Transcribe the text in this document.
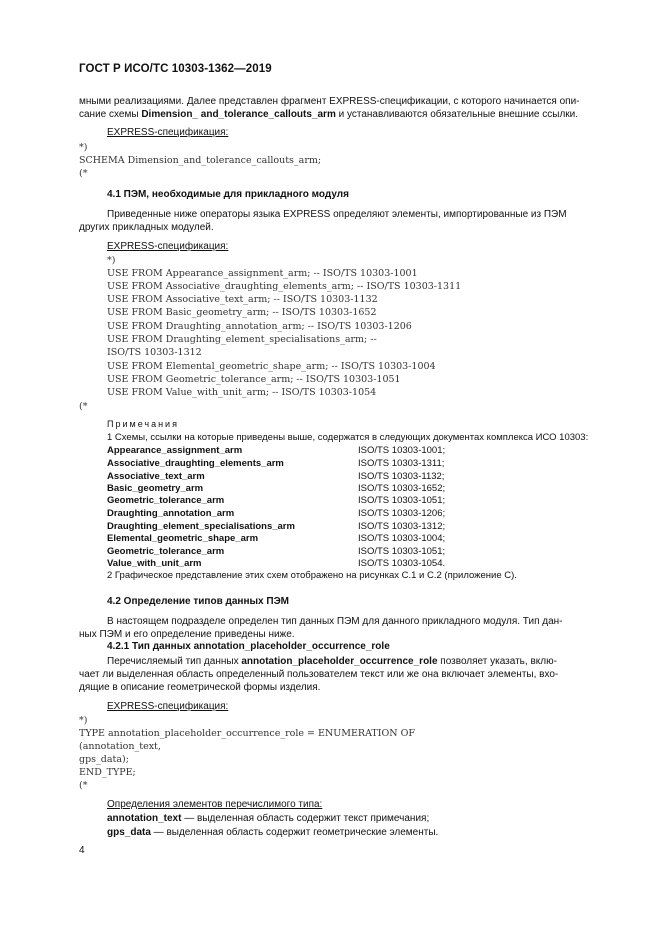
ГОСТ Р ИСО/ТС 10303-1362—2019
мными реализациями. Далее представлен фрагмент EXPRESS-спецификации, с которого начинается опи-
сание схемы Dimension_ and_tolerance_callouts_arm и устанавливаются обязательные внешние ссылки.
EXPRESS-спецификация:
*)
SCHEMA Dimension_and_tolerance_callouts_arm;
(*
4.1 ПЭМ, необходимые для прикладного модуля
Приведенные ниже операторы языка EXPRESS определяют элементы, импортированные из ПЭМ
других прикладных модулей.
EXPRESS-спецификация:
*)
USE FROM Appearance_assignment_arm; -- ISO/TS 10303-1001
USE FROM Associative_draughting_elements_arm; -- ISO/TS 10303-1311
USE FROM Associative_text_arm; -- ISO/TS 10303-1132
USE FROM Basic_geometry_arm; -- ISO/TS 10303-1652
USE FROM Draughting_annotation_arm; -- ISO/TS 10303-1206
USE FROM Draughting_element_specialisations_arm; --
ISO/TS 10303-1312
USE FROM Elemental_geometric_shape_arm; -- ISO/TS 10303-1004
USE FROM Geometric_tolerance_arm; -- ISO/TS 10303-1051
USE FROM Value_with_unit_arm; -- ISO/TS 10303-1054
(*
Примечания
1 Схемы, ссылки на которые приведены выше, содержатся в следующих документах комплекса ИСО 10303:
Appearance_assignment_arm	ISO/TS 10303-1001;
Associative_draughting_elements_arm	ISO/TS 10303-1311;
Associative_text_arm	ISO/TS 10303-1132;
Basic_geometry_arm	ISO/TS 10303-1652;
Geometric_tolerance_arm	ISO/TS 10303-1051;
Draughting_annotation_arm	ISO/TS 10303-1206;
Draughting_element_specialisations_arm	ISO/TS 10303-1312;
Elemental_geometric_shape_arm	ISO/TS 10303-1004;
Geometric_tolerance_arm	ISO/TS 10303-1051;
Value_with_unit_arm	ISO/TS 10303-1054.
2 Графическое представление этих схем отображено на рисунках C.1 и C.2 (приложение С).
4.2 Определение типов данных ПЭМ
В настоящем подразделе определен тип данных ПЭМ для данного прикладного модуля. Тип дан-
ных ПЭМ и его определение приведены ниже.
4.2.1 Тип данных annotation_placeholder_occurrence_role
Перечисляемый тип данных annotation_placeholder_occurrence_role позволяет указать, вклю-
чает ли выделенная область определенный пользователем текст или же она включает элементы, вхо-
дящие в описание геометрической формы изделия.
EXPRESS-спецификация:
*)
TYPE annotation_placeholder_occurrence_role = ENUMERATION OF
(annotation_text,
gps_data);
END_TYPE;
(*
Определения элементов перечислимого типа:
annotation_text — выделенная область содержит текст примечания;
gps_data — выделенная область содержит геометрические элементы.
4
